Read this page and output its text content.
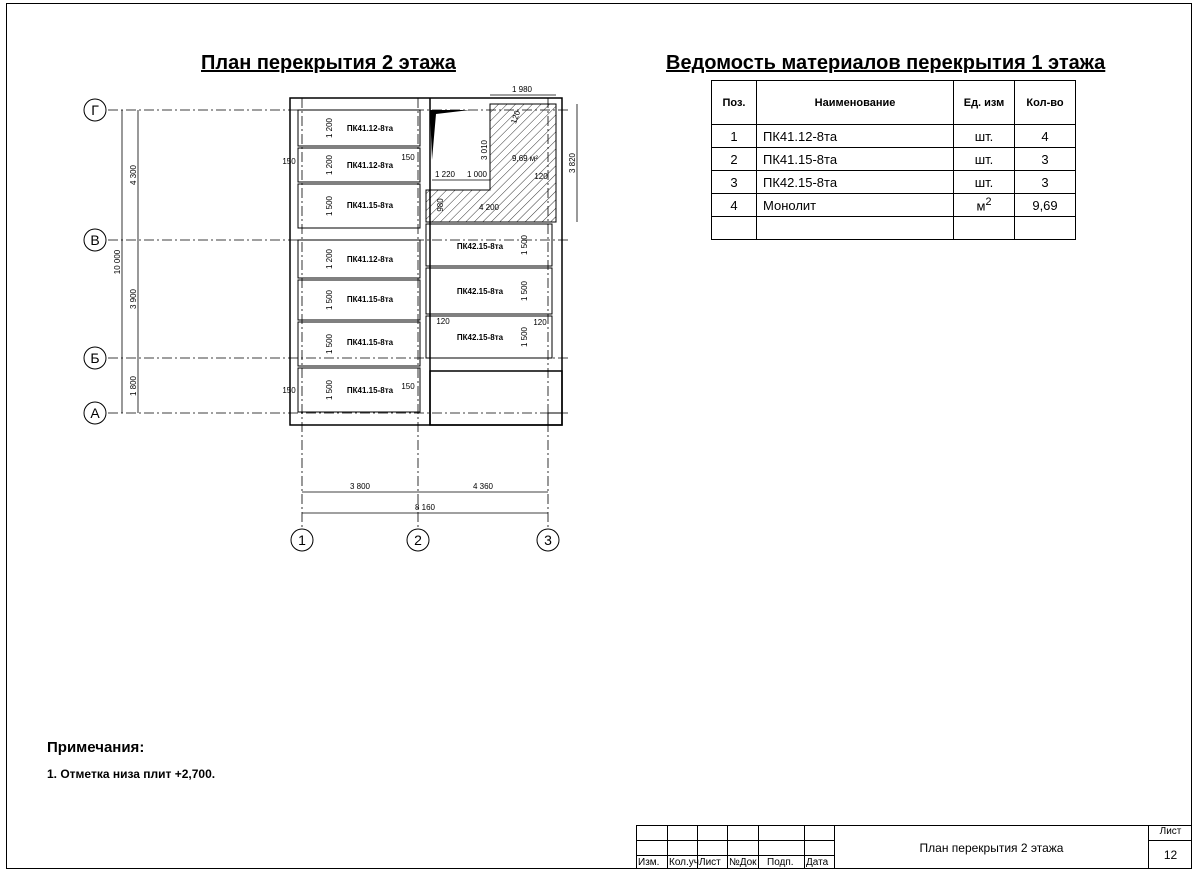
План перекрытия 2 этажа	Ведомость материалов перекрытия 1 этажа
Г
В
Б
А
1	2	3
ПК41.12-8та
ПК41.12-8та
ПК41.15-8та
ПК41.12-8та
ПК41.15-8та
ПК41.15-8та
ПК41.15-8та
1 200
1 200
1 500
1 200
1 500
1 500
1 500
ПК42.15-8та
ПК42.15-8та
ПК42.15-8та
1 500
1 500
1 500
4 300
3 900
1 800
10 000
3 800	4 360
8 160
1 980
3 820
3 010
1 220 1 000
4 200
980
150	150
150	150
120
120
120	120
9,69 м²
Поз.	Наименование	Ед. изм	Кол-во
1	ПК41.12-8та	шт.	4
2	ПК41.15-8та	шт.	3
3	ПК42.15-8та	шт.	3
4	Монолит	$м^2$	9,69

Примечания:
1. Отметка низа плит +2,700.
Изм. Кол.уч Лист №Док Подп. Дата
План перекрытия 2 этажа
Лист
12
